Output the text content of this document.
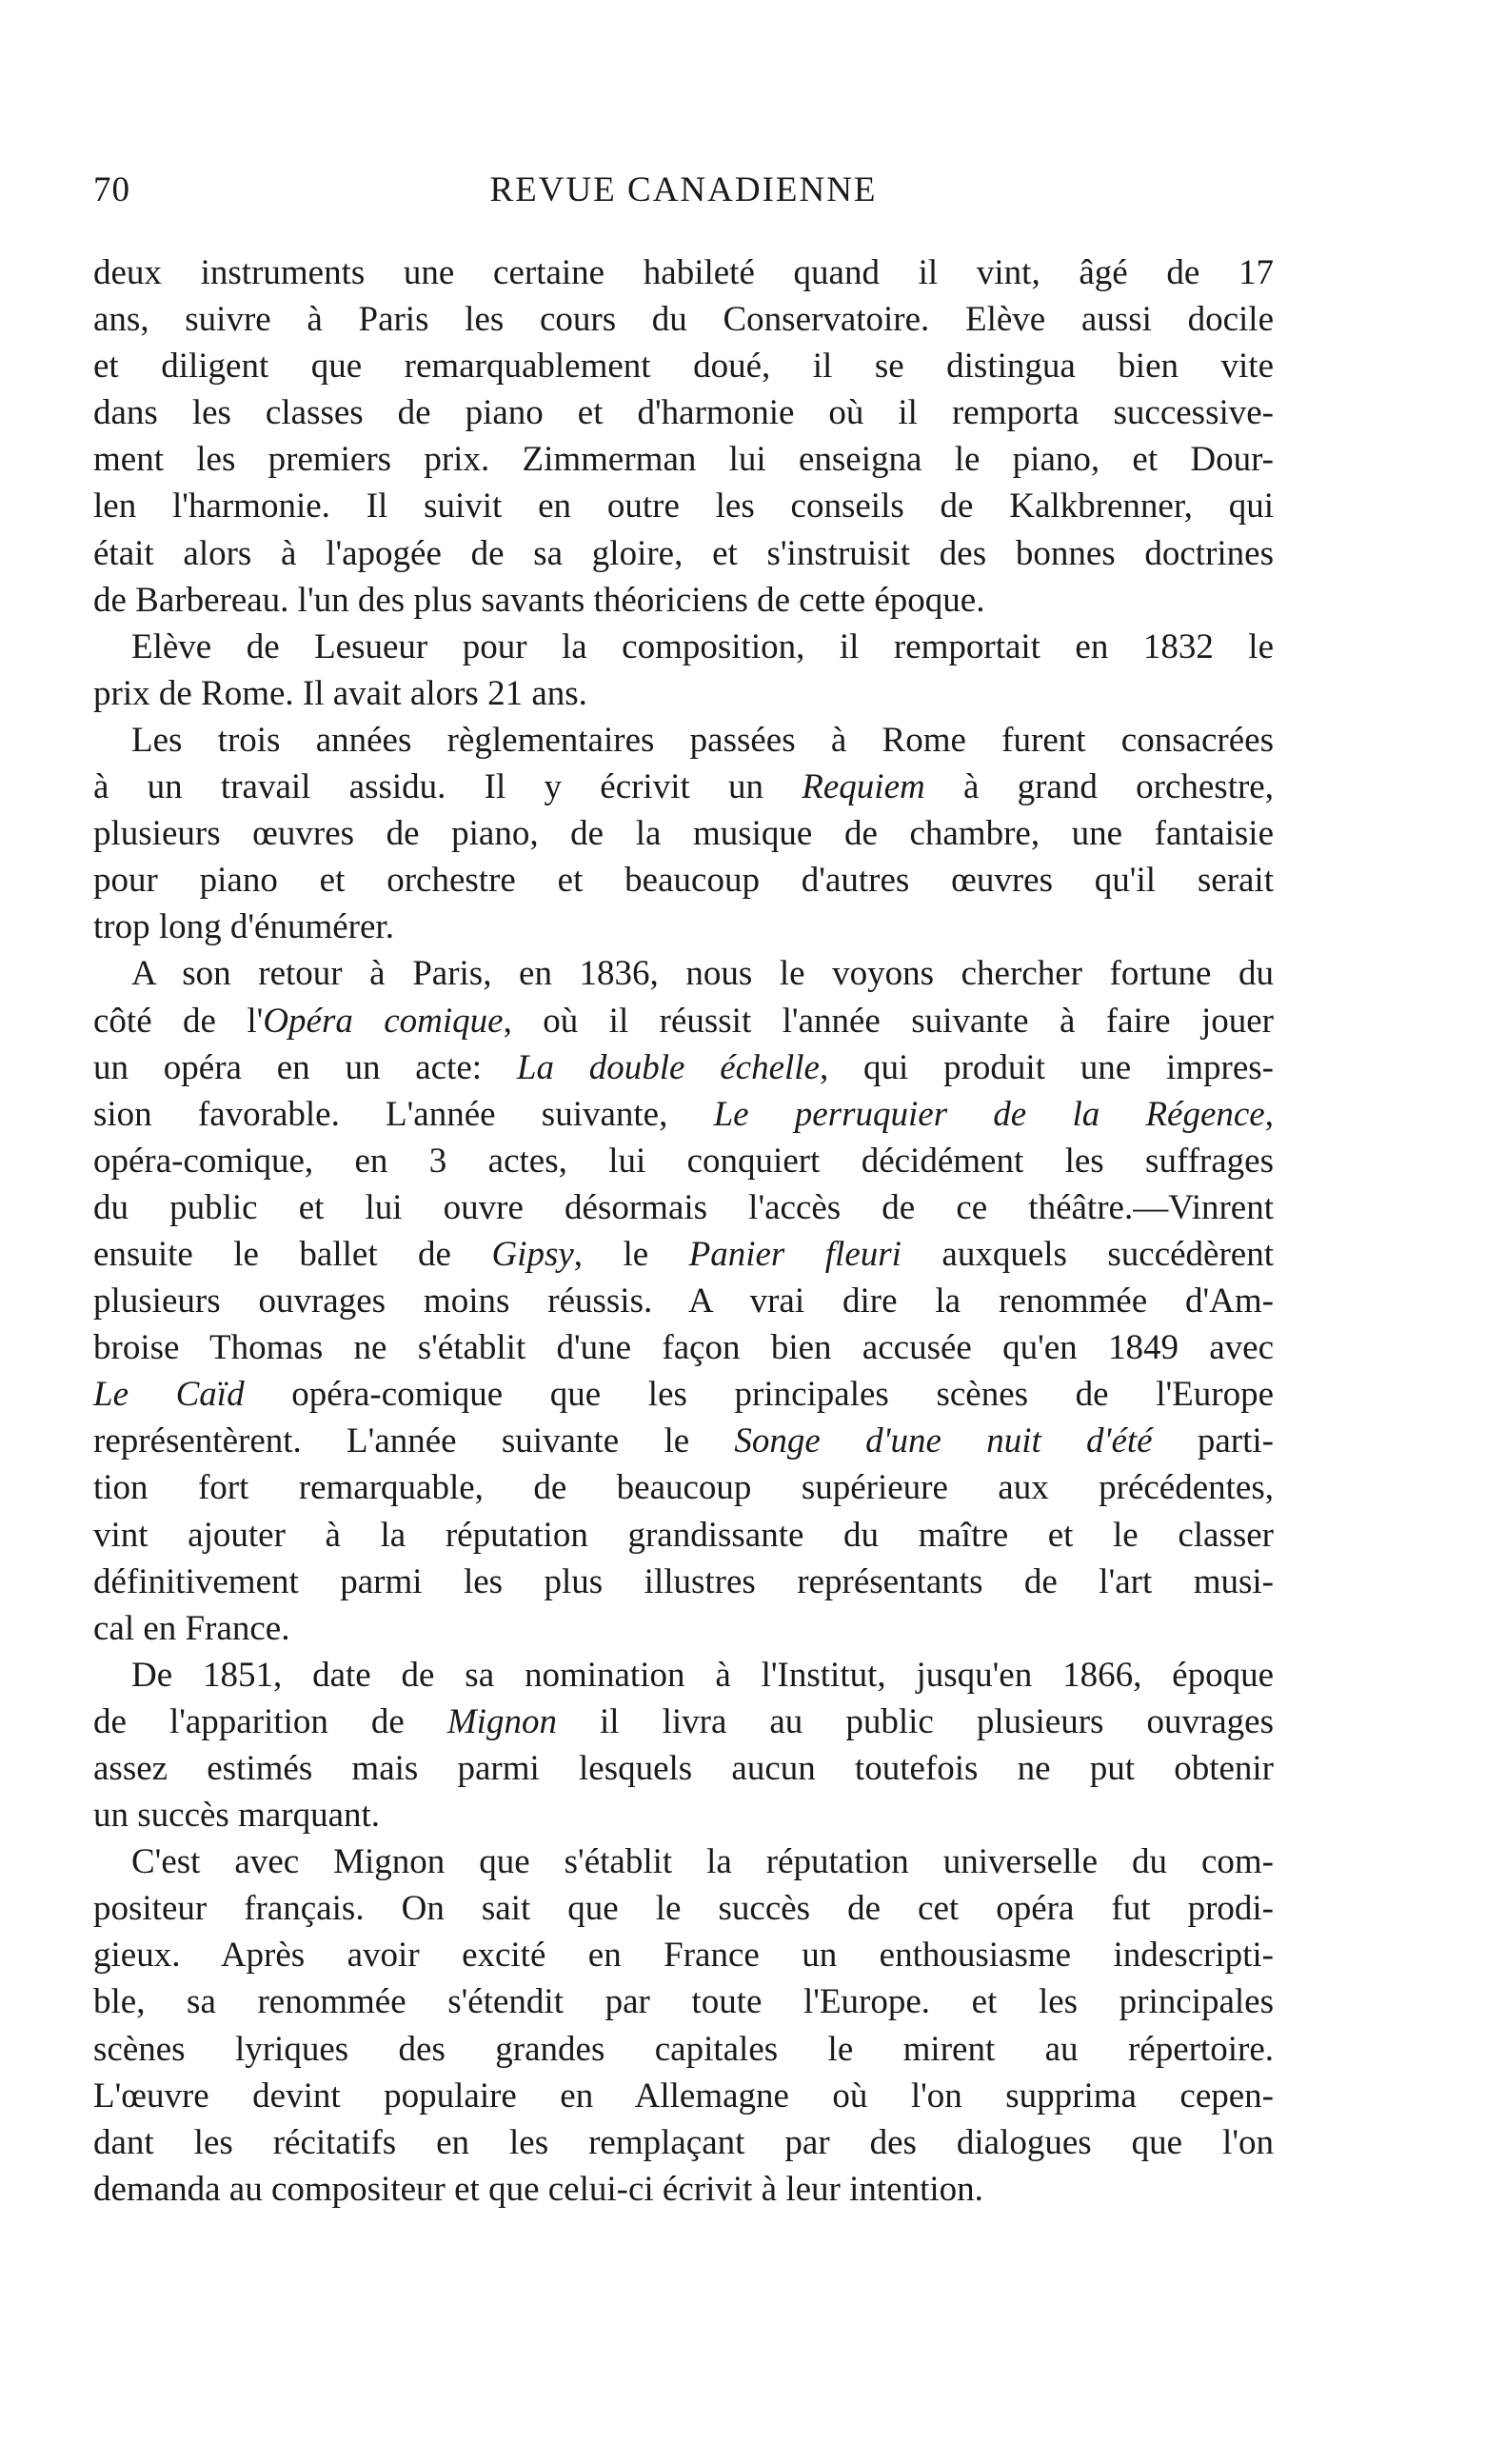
70	REVUE CANADIENNE
deux instruments une certaine habileté quand il vint, âgé de 17
ans, suivre à Paris les cours du Conservatoire. Elève aussi docile
et diligent que remarquablement doué, il se distingua bien vite
dans les classes de piano et d'harmonie où il remporta successive-
ment les premiers prix. Zimmerman lui enseigna le piano, et Dour-
len l'harmonie. Il suivit en outre les conseils de Kalkbrenner, qui
était alors à l'apogée de sa gloire, et s'instruisit des bonnes doctrines
de Barbereau. l'un des plus savants théoriciens de cette époque.
Elève de Lesueur pour la composition, il remportait en 1832 le
prix de Rome. Il avait alors 21 ans.
Les trois années règlementaires passées à Rome furent consacrées
à un travail assidu. Il y écrivit un Requiem à grand orchestre,
plusieurs œuvres de piano, de la musique de chambre, une fantaisie
pour piano et orchestre et beaucoup d'autres œuvres qu'il serait
trop long d'énumérer.
A son retour à Paris, en 1836, nous le voyons chercher fortune du
côté de l'Opéra comique, où il réussit l'année suivante à faire jouer
un opéra en un acte: La double échelle, qui produit une impres-
sion favorable. L'année suivante, Le perruquier de la Régence,
opéra-comique, en 3 actes, lui conquiert décidément les suffrages
du public et lui ouvre désormais l'accès de ce théâtre.—Vinrent
ensuite le ballet de Gipsy, le Panier fleuri auxquels succédèrent
plusieurs ouvrages moins réussis. A vrai dire la renommée d'Am-
broise Thomas ne s'établit d'une façon bien accusée qu'en 1849 avec
Le Caïd opéra-comique que les principales scènes de l'Europe
représentèrent. L'année suivante le Songe d'une nuit d'été parti-
tion fort remarquable, de beaucoup supérieure aux précédentes,
vint ajouter à la réputation grandissante du maître et le classer
définitivement parmi les plus illustres représentants de l'art musi-
cal en France.
De 1851, date de sa nomination à l'Institut, jusqu'en 1866, époque
de l'apparition de Mignon il livra au public plusieurs ouvrages
assez estimés mais parmi lesquels aucun toutefois ne put obtenir
un succès marquant.
C'est avec Mignon que s'établit la réputation universelle du com-
positeur français. On sait que le succès de cet opéra fut prodi-
gieux. Après avoir excité en France un enthousiasme indescripti-
ble, sa renommée s'étendit par toute l'Europe. et les principales
scènes lyriques des grandes capitales le mirent au répertoire.
L'œuvre devint populaire en Allemagne où l'on supprima cepen-
dant les récitatifs en les remplaçant par des dialogues que l'on
demanda au compositeur et que celui-ci écrivit à leur intention.
